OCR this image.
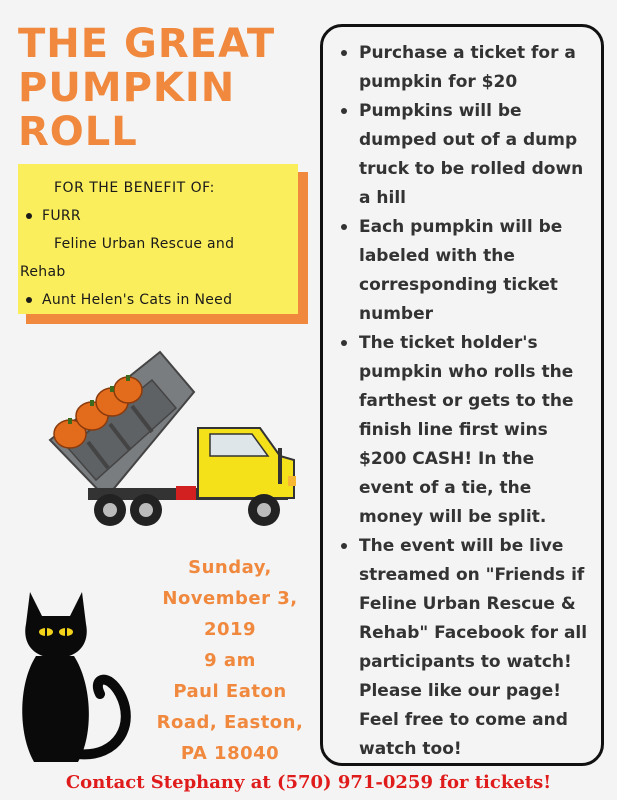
THE GREAT
PUMPKIN
ROLL
FOR THE BENEFIT OF:
FURR
Feline Urban Rescue and
Rehab
Aunt Helen's Cats in Need
Sunday,
November 3,
2019
9 am
Paul Eaton
Road, Easton,
PA 18040
Purchase a ticket for a pumpkin for $20
Pumpkins will be dumped out of a dump truck to be rolled down a hill
Each pumpkin will be labeled with the corresponding ticket number
The ticket holder's pumpkin who rolls the farthest or gets to the finish line first wins $200 CASH! In the event of a tie, the money will be split.
The event will be live streamed on "Friends if Feline Urban Rescue & Rehab" Facebook for all participants to watch! Please like our page! Feel free to come and watch too!
Contact Stephany at (570) 971-0259 for tickets!
